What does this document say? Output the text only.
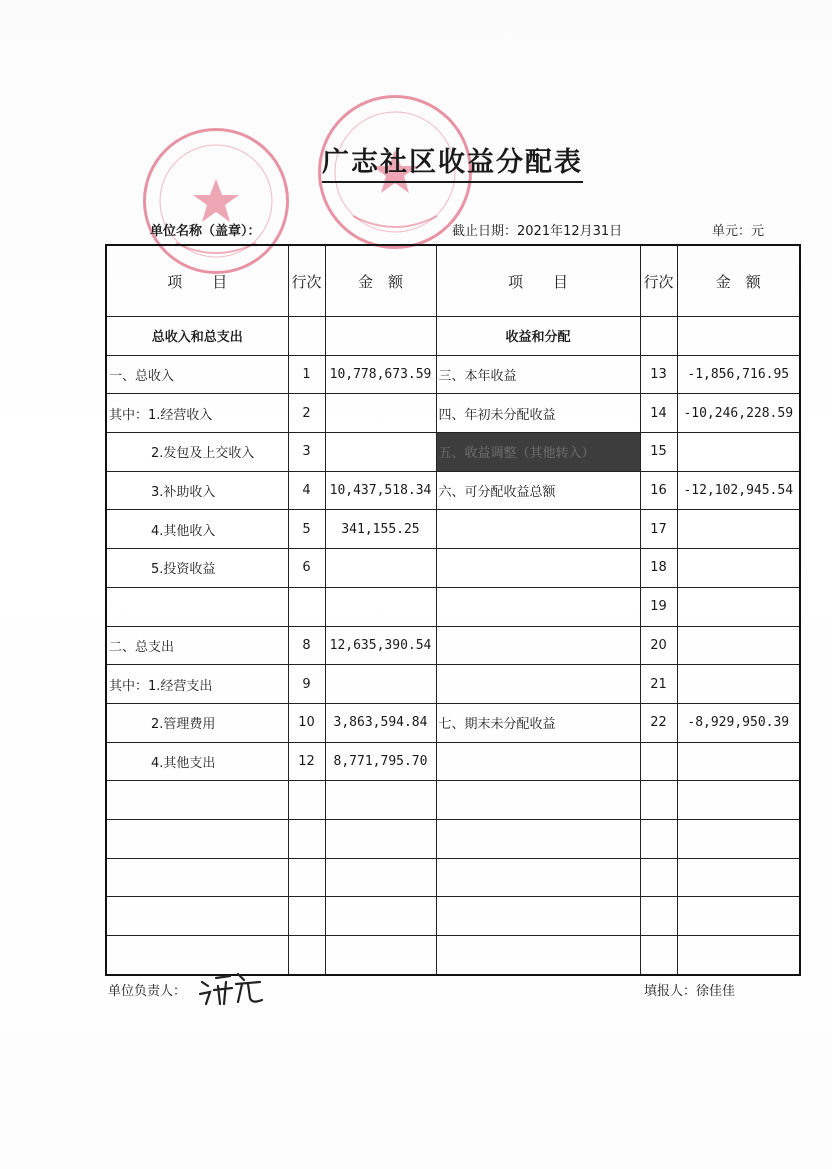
广志社区收益分配表
单位名称（盖章）：	截止日期：2021年12月31日	单元：元
项　　目	行次	金　额	项　　目	行次	金　额
总收入和总支出			收益和分配		
一、总收入	1	10,778,673.59	三、本年收益	13	-1,856,716.95
其中：1.经营收入	2		四、年初未分配收益	14	-10,246,228.59
2.发包及上交收入	3		五、收益调整（其他转入）	15	
3.补助收入	4	10,437,518.34	六、可分配收益总额	16	-12,102,945.54
4.其他收入	5	341,155.25		17	
5.投资收益	6			18	
				19	
二、总支出	8	12,635,390.54		20	
其中：1.经营支出	9			21	
2.管理费用	10	3,863,594.84	七、期末未分配收益	22	-8,929,950.39
4.其他支出	12	8,771,795.70			

单位负责人：	填报人：徐佳佳
